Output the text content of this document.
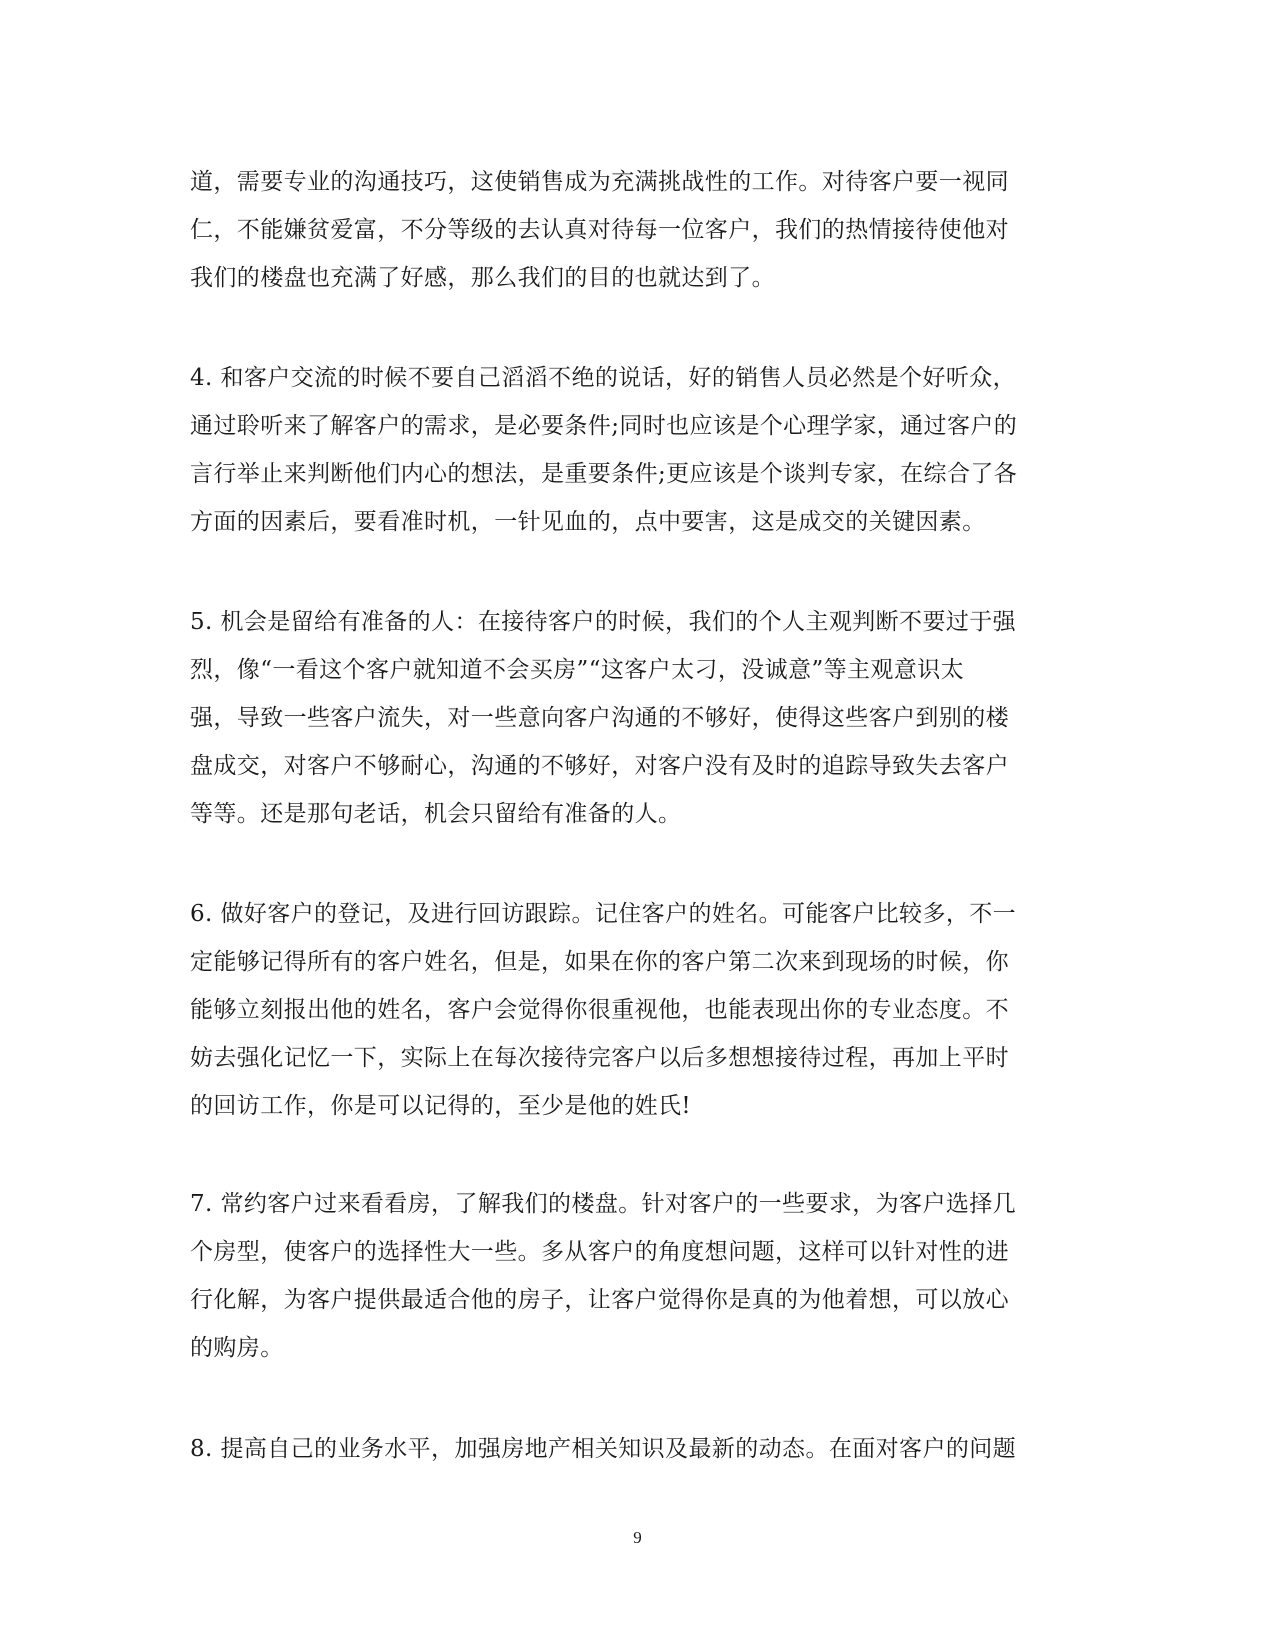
道，需要专业的沟通技巧，这使销售成为充满挑战性的工作。对待客户要一视同
仁，不能嫌贫爱富，不分等级的去认真对待每一位客户，我们的热情接待使他对
我们的楼盘也充满了好感，那么我们的目的也就达到了。
4. 和客户交流的时候不要自己滔滔不绝的说话，好的销售人员必然是个好听众，
通过聆听来了解客户的需求，是必要条件;同时也应该是个心理学家，通过客户的
言行举止来判断他们内心的想法，是重要条件;更应该是个谈判专家，在综合了各
方面的因素后，要看准时机，一针见血的，点中要害，这是成交的关键因素。
5. 机会是留给有准备的人：在接待客户的时候，我们的个人主观判断不要过于强
烈，像“一看这个客户就知道不会买房”“这客户太刁，没诚意”等主观意识太
强，导致一些客户流失，对一些意向客户沟通的不够好，使得这些客户到别的楼
盘成交，对客户不够耐心，沟通的不够好，对客户没有及时的追踪导致失去客户
等等。还是那句老话，机会只留给有准备的人。
6. 做好客户的登记，及进行回访跟踪。记住客户的姓名。可能客户比较多，不一
定能够记得所有的客户姓名，但是，如果在你的客户第二次来到现场的时候，你
能够立刻报出他的姓名，客户会觉得你很重视他，也能表现出你的专业态度。不
妨去强化记忆一下，实际上在每次接待完客户以后多想想接待过程，再加上平时
的回访工作，你是可以记得的，至少是他的姓氏!
7. 常约客户过来看看房，了解我们的楼盘。针对客户的一些要求，为客户选择几
个房型，使客户的选择性大一些。多从客户的角度想问题，这样可以针对性的进
行化解，为客户提供最适合他的房子，让客户觉得你是真的为他着想，可以放心
的购房。
8. 提高自己的业务水平，加强房地产相关知识及最新的动态。在面对客户的问题
9
